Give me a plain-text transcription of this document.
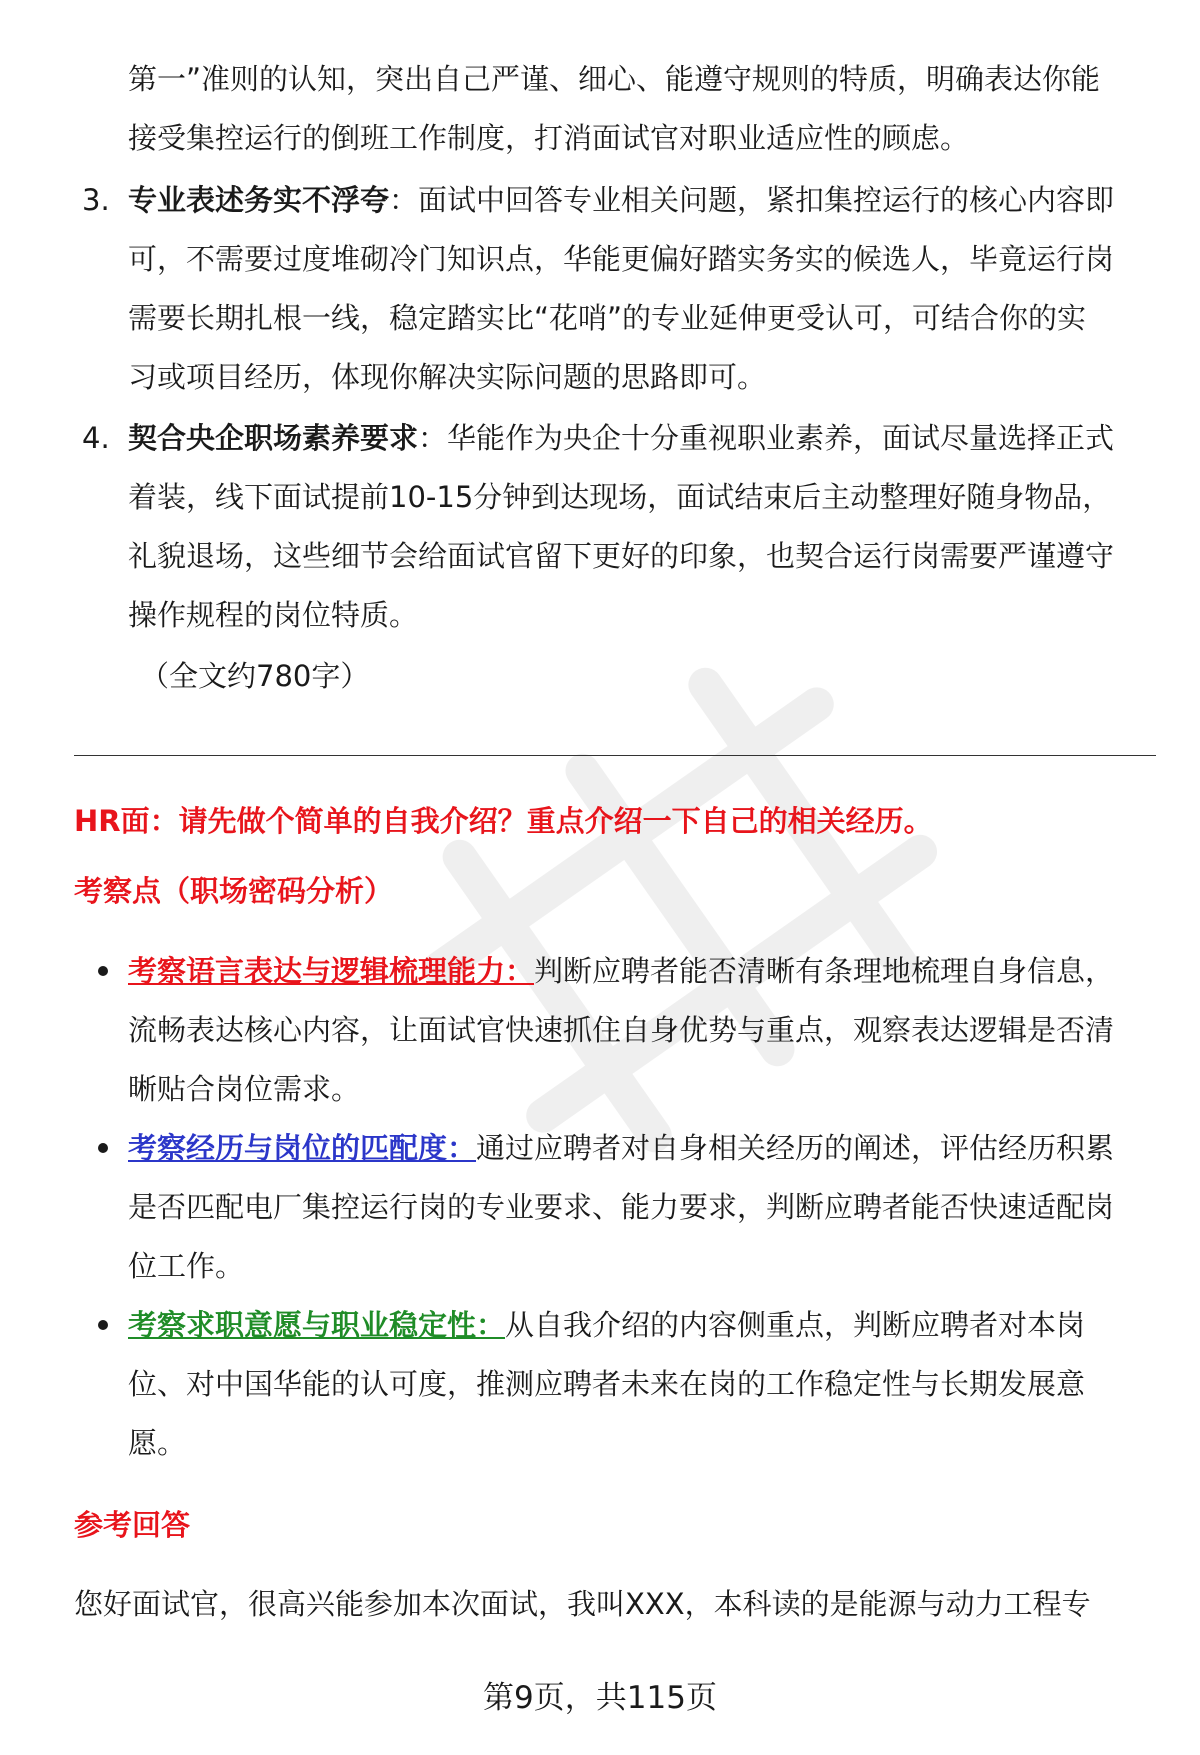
第一”准则的认知，突出自己严谨、细心、能遵守规则的特质，明确表达你能
接受集控运行的倒班工作制度，打消面试官对职业适应性的顾虑。
3. 专业表述务实不浮夸：面试中回答专业相关问题，紧扣集控运行的核心内容即
可，不需要过度堆砌冷门知识点，华能更偏好踏实务实的候选人，毕竟运行岗
需要长期扎根一线，稳定踏实比“花哨”的专业延伸更受认可，可结合你的实
习或项目经历，体现你解决实际问题的思路即可。
4. 契合央企职场素养要求：华能作为央企十分重视职业素养，面试尽量选择正式
着装，线下面试提前10-15分钟到达现场，面试结束后主动整理好随身物品，
礼貌退场，这些细节会给面试官留下更好的印象，也契合运行岗需要严谨遵守
操作规程的岗位特质。
（全文约780字）
HR面：请先做个简单的自我介绍？重点介绍一下自己的相关经历。
考察点（职场密码分析）
考察语言表达与逻辑梳理能力：判断应聘者能否清晰有条理地梳理自身信息，
流畅表达核心内容，让面试官快速抓住自身优势与重点，观察表达逻辑是否清
晰贴合岗位需求。
考察经历与岗位的匹配度：通过应聘者对自身相关经历的阐述，评估经历积累
是否匹配电厂集控运行岗的专业要求、能力要求，判断应聘者能否快速适配岗
位工作。
考察求职意愿与职业稳定性：从自我介绍的内容侧重点，判断应聘者对本岗
位、对中国华能的认可度，推测应聘者未来在岗的工作稳定性与长期发展意
愿。
参考回答
您好面试官，很高兴能参加本次面试，我叫XXX，本科读的是能源与动力工程专
第9页，共115页
